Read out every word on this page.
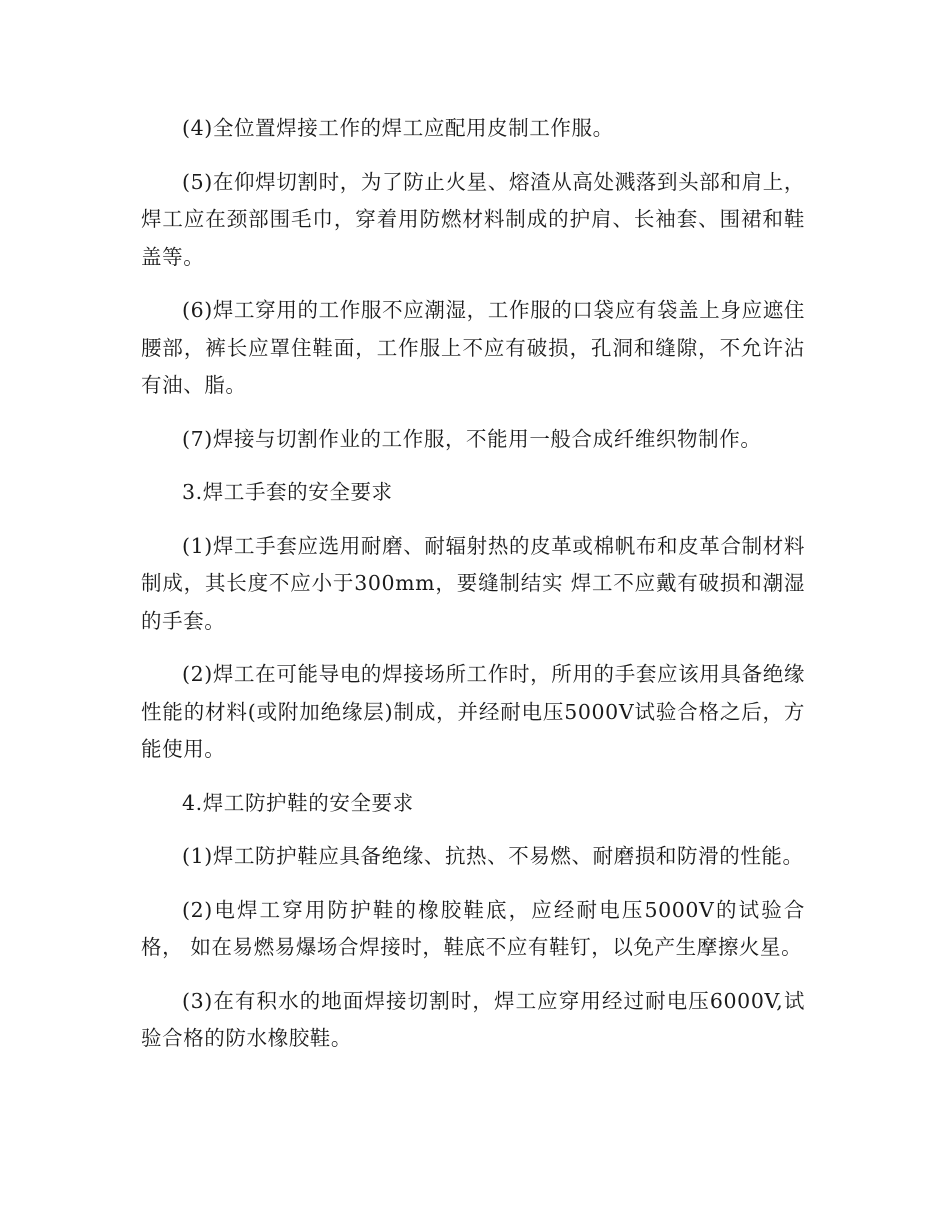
(4)全位置焊接工作的焊工应配用皮制工作服。

(5)在仰焊切割时，为了防止火星、熔渣从高处溅落到头部和肩上，焊工应在颈部围毛巾，穿着用防燃材料制成的护肩、长袖套、围裙和鞋盖等。

(6)焊工穿用的工作服不应潮湿，工作服的口袋应有袋盖上身应遮住腰部，裤长应罩住鞋面，工作服上不应有破损，孔洞和缝隙，不允许沾有油、脂。

(7)焊接与切割作业的工作服，不能用一般合成纤维织物制作。

3.焊工手套的安全要求

(1)焊工手套应选用耐磨、耐辐射热的皮革或棉帆布和皮革合制材料制成，其长度不应小于300mm，要缝制结实 焊工不应戴有破损和潮湿的手套。

(2)焊工在可能导电的焊接场所工作时，所用的手套应该用具备绝缘性能的材料(或附加绝缘层)制成，并经耐电压5000V试验合格之后，方能使用。

4.焊工防护鞋的安全要求

(1)焊工防护鞋应具备绝缘、抗热、不易燃、耐磨损和防滑的性能。

(2)电焊工穿用防护鞋的橡胶鞋底，应经耐电压5000V的试验合格， 如在易燃易爆场合焊接时，鞋底不应有鞋钉，以免产生摩擦火星。

(3)在有积水的地面焊接切割时，焊工应穿用经过耐电压6000V,试验合格的防水橡胶鞋。
